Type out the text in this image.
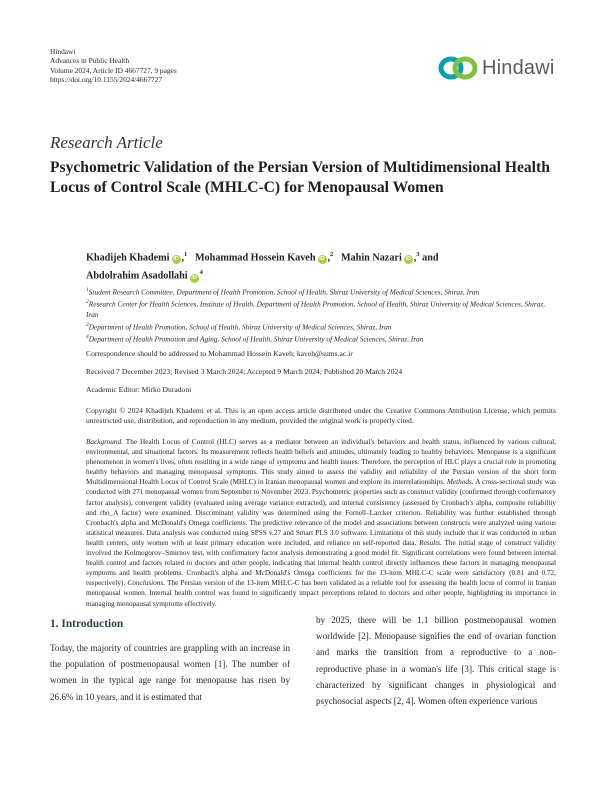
Hindawi
Advances in Public Health
Volume 2024, Article ID 4667727, 9 pages
https://doi.org/10.1155/2024/4667727
Hindawi
Research Article
Psychometric Validation of the Persian Version of Multidimensional Health Locus of Control Scale (MHLC-C) for Menopausal Women
Khadijeh Khademi iD ,$^1$ Mohammad Hossein Kaveh iD ,$^2$ Mahin Nazari iD ,$^3$ and
Abdolrahim Asadollahi $iD^4$
$^1$Student Research Committee, Department of Health Promotion, School of Health, Shiraz University of Medical Sciences, Shiraz, Iran
$^2$Research Center for Health Sciences, Institute of Health, Department of Health Promotion, School of Health, Shiraz University of Medical Sciences, Shiraz, Iran
$^3$Department of Health Promotion, School of Health, Shiraz University of Medical Sciences, Shiraz, Iran
$^4$Department of Health Promotion and Aging, School of Health, Shiraz University of Medical Sciences, Shiraz, Iran
Correspondence should be addressed to Mohammad Hossein Kaveh; kaveh@sums.ac.ir
Received 7 December 2023; Revised 3 March 2024; Accepted 9 March 2024; Published 20 March 2024
Academic Editor: Mirko Duradoni
Copyright © 2024 Khadijeh Khademi et al. This is an open access article distributed under the Creative Commons Attribution License, which permits unrestricted use, distribution, and reproduction in any medium, provided the original work is properly cited.
Background. The Health Locus of Control (HLC) serves as a mediator between an individual's behaviors and health status, influenced by various cultural, environmental, and situational factors. Its measurement reflects health beliefs and attitudes, ultimately leading to healthy behaviors. Menopause is a significant phenomenon in women's lives, often resulting in a wide range of symptoms and health issues. Therefore, the perception of HLC plays a crucial role in promoting healthy behaviors and managing menopausal symptoms. This study aimed to assess the validity and reliability of the Persian version of the short form Multidimensional Health Locus of Control Scale (MHLC) in Iranian menopausal women and explore its interrelationships. Methods. A cross-sectional study was conducted with 271 menopausal women from September to November 2023. Psychometric properties such as construct validity (confirmed through confirmatory factor analysis), convergent validity (evaluated using average variance extracted), and internal consistency (assessed by Cronbach's alpha, composite reliability and rho_A factor) were examined. Discriminant validity was determined using the Fornell–Larcker criterion. Reliability was further established through Cronbach's alpha and McDonald's Omega coefficients. The predictive relevance of the model and associations between constructs were analyzed using various statistical measures. Data analysis was conducted using SPSS v.27 and Smart PLS 3.0 software. Limitations of this study include that it was conducted in urban health centers, only women with at least primary education were included, and reliance on self-reported data. Results. The initial stage of construct validity involved the Kolmogorov–Smirnov test, with confirmatory factor analysis demonstrating a good model fit. Significant correlations were found between internal health control and factors related to doctors and other people, indicating that internal health control directly influences these factors in managing menopausal symptoms and health problems. Cronbach's alpha and McDonald's Omega coefficients for the 13-item MHLC-C scale were satisfactory (0.81 and 0.72, respectively). Conclusions. The Persian version of the 13-item MHLC-C has been validated as a reliable tool for assessing the health locus of control in Iranian menopausal women. Internal health control was found to significantly impact perceptions related to doctors and other people, highlighting its importance in managing menopausal symptoms effectively.
1. Introduction
Today, the majority of countries are grappling with an increase in the population of postmenopausal women [1]. The number of women in the typical age range for menopause has risen by 26.6% in 10 years, and it is estimated that
by 2025, there will be 1.1 billion postmenopausal women worldwide [2]. Menopause signifies the end of ovarian function and marks the transition from a reproductive to a non-reproductive phase in a woman's life [3]. This critical stage is characterized by significant changes in physiological and psychosocial aspects [2, 4]. Women often experience various
